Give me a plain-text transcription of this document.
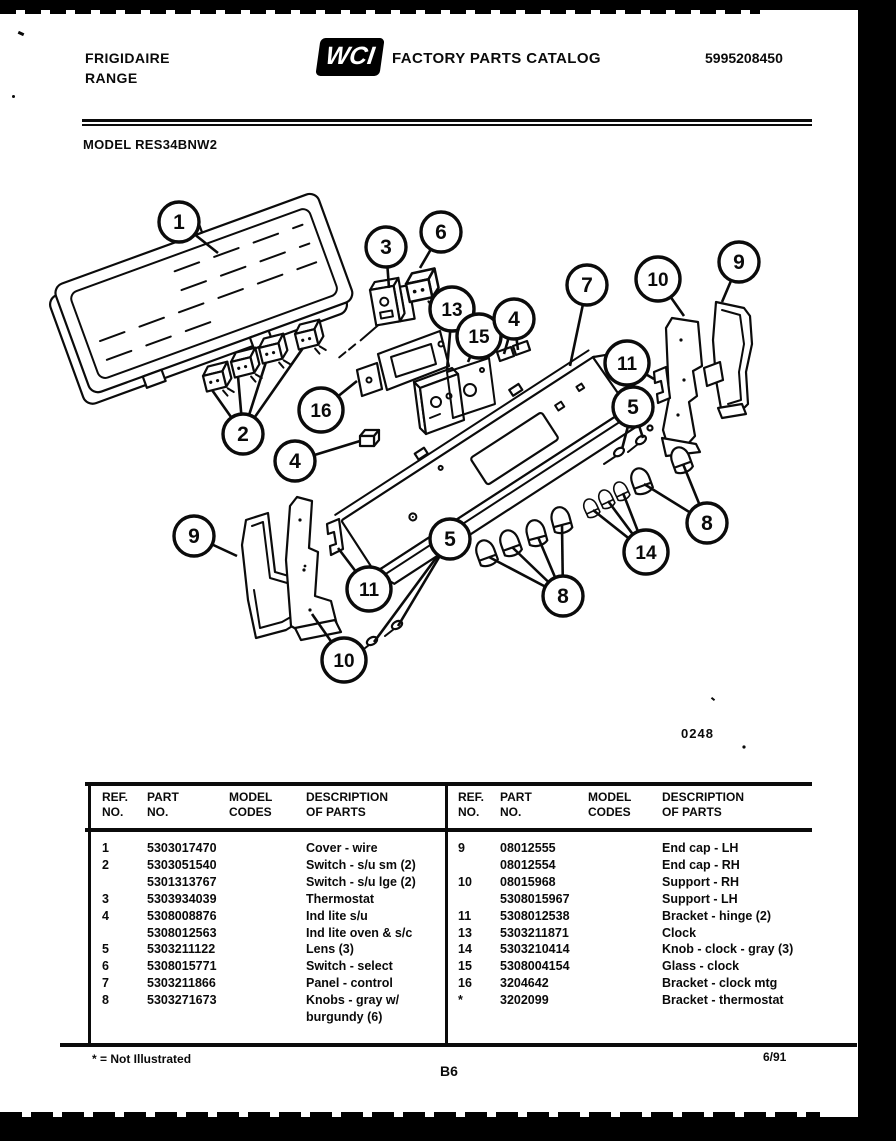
FRIGIDAIRE
RANGE
WCI	FACTORY PARTS CATALOG	5995208450
MODEL RES34BNW2
1
2
3
6
13
15
4
7	10
9
11
5
16
4
9
11
10
5
8
14
8
0248
REF.
NO.
PART
NO.
MODEL
CODES
DESCRIPTION
OF PARTS
1	5303017470	Cover - wire
2	5303051540	Switch - s/u sm (2)
5301313767	Switch - s/u lge (2)
3	5303934039	Thermostat
4	5308008876	Ind lite s/u
5308012563	Ind lite oven & s/c
5	5303211122	Lens (3)
6	5308015771	Switch - select
7	5303211866	Panel - control
8	5303271673	Knobs - gray w/ burgundy (6)
REF.
NO.
PART
NO.
MODEL
CODES
DESCRIPTION
OF PARTS
9	08012555	End cap - LH
08012554	End cap - RH
10	08015968	Support - RH
5308015967	Support - LH
11	5308012538	Bracket - hinge (2)
13	5303211871	Clock
14	5303210414	Knob - clock - gray (3)
15	5308004154	Glass - clock
16	3204642	Bracket - clock mtg
*	3202099	Bracket - thermostat
* = Not Illustrated
B6
6/91
